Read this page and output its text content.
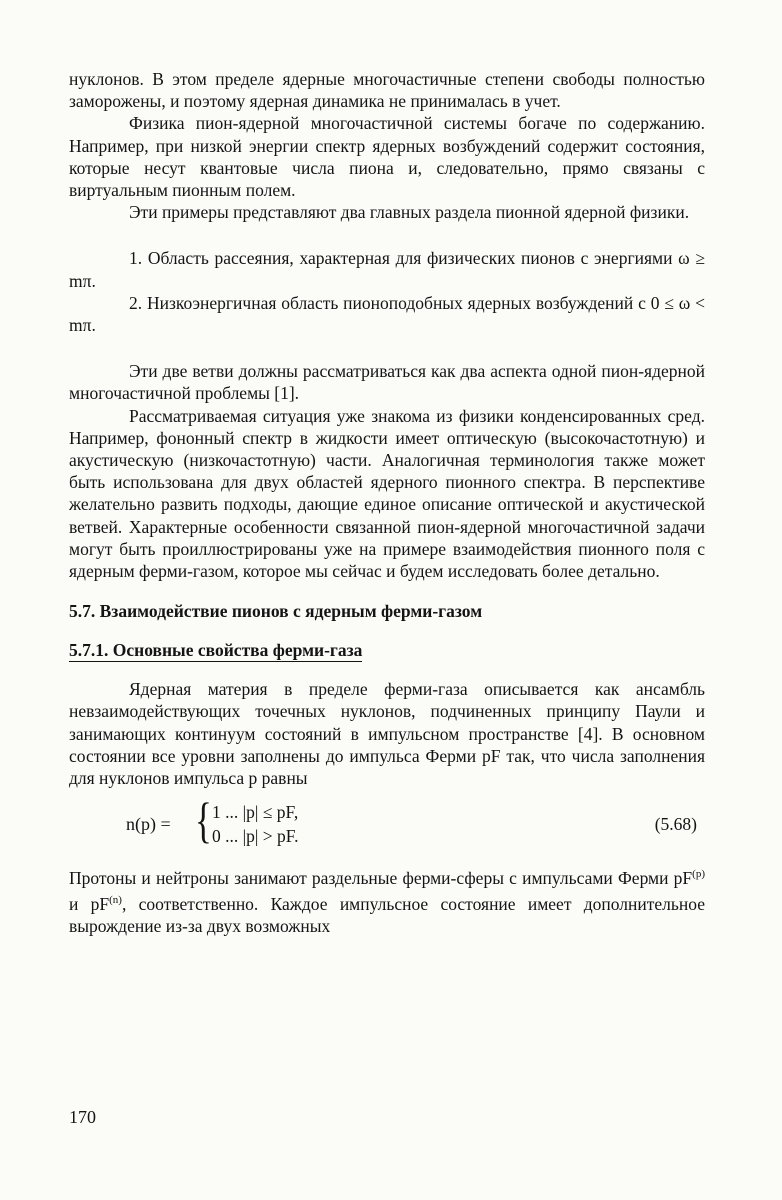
нуклонов. В этом пределе ядерные многочастичные степени свободы полностью заморожены, и поэтому ядерная динамика не принималась в учет.

Физика пион-ядерной многочастичной системы богаче по содержанию. Например, при низкой энергии спектр ядерных возбуждений содержит состояния, которые несут квантовые числа пиона и, следовательно, прямо связаны с виртуальным пионным полем.

Эти примеры представляют два главных раздела пионной ядерной физики.

1. Область рассеяния, характерная для физических пионов с энергиями ω ≥ mπ.

2. Низкоэнергичная область пионоподобных ядерных возбуждений с 0 ≤ ω < mπ.

Эти две ветви должны рассматриваться как два аспекта одной пион-ядерной многочастичной проблемы [1].

Рассматриваемая ситуация уже знакома из физики конденсированных сред. Например, фононный спектр в жидкости имеет оптическую (высокочастотную) и акустическую (низкочастотную) части. Аналогичная терминология также может быть использована для двух областей ядерного пионного спектра. В перспективе желательно развить подходы, дающие единое описание оптической и акустической ветвей. Характерные особенности связанной пион-ядерной многочастичной задачи могут быть проиллюстрированы уже на примере взаимодействия пионного поля с ядерным ферми-газом, которое мы сейчас и будем исследовать более детально.

5.7. Взаимодействие пионов с ядерным ферми-газом
5.7.1. Основные свойства ферми-газа

Ядерная материя в пределе ферми-газа описывается как ансамбль невзаимодействующих точечных нуклонов, подчиненных принципу Паули и занимающих континуум состояний в импульсном пространстве [4]. В основном состоянии все уровни заполнены до импульса Ферми pF так, что числа заполнения для нуклонов импульса p равны

n(p) = { 1 ... |p| ≤ pF,
0 ... |p| > pF.
(5.68)

Протоны и нейтроны занимают раздельные ферми-сферы с импульсами Ферми $pF^{(p)}$ и $pF^{(n)}$, соответственно. Каждое импульсное состояние имеет дополнительное вырождение из-за двух возможных

170
